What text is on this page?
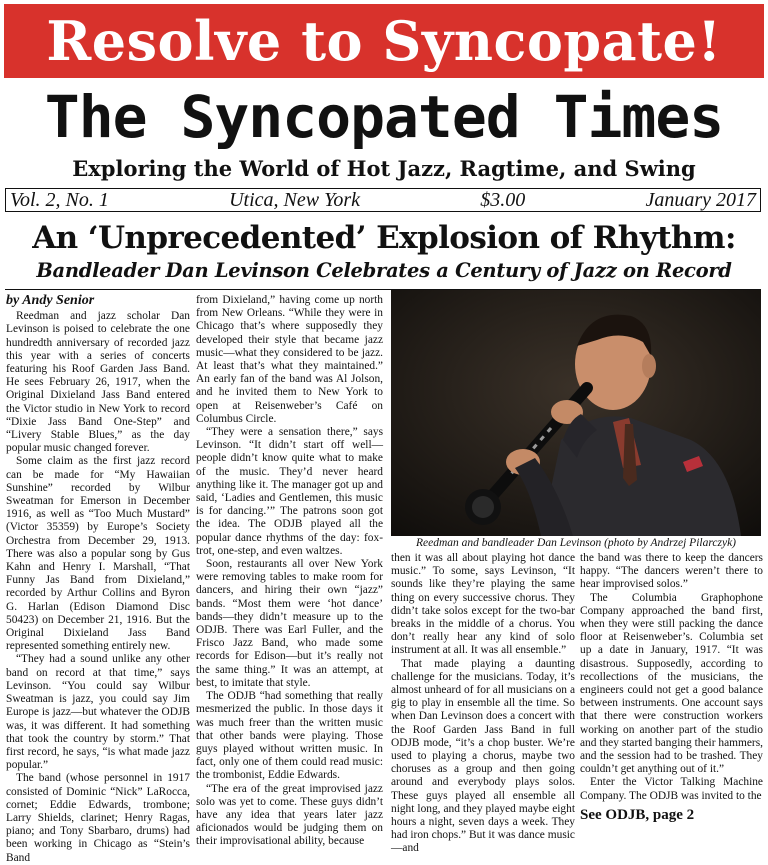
Resolve to Syncopate!
The Syncopated Times
Exploring the World of Hot Jazz, Ragtime, and Swing
Vol. 2, No. 1	Utica, New York	$3.00	January 2017
An ‘Unprecedented’ Explosion of Rhythm:
Bandleader Dan Levinson Celebrates a Century of Jazz on Record

by Andy Senior

Reedman and jazz scholar Dan Levinson is poised to celebrate the one hundredth anniversary of recorded jazz this year with a series of concerts featuring his Roof Garden Jass Band. He sees February 26, 1917, when the Original Dixieland Jass Band entered the Victor studio in New York to record “Dixie Jass Band One-Step” and “Livery Stable Blues,” as the day popular music changed forever.

Some claim as the first jazz record can be made for “My Hawaiian Sunshine” recorded by Wilbur Sweatman for Emerson in December 1916, as well as “Too Much Mustard” (Victor 35359) by Europe’s Society Orchestra from December 29, 1913. There was also a popular song by Gus Kahn and Henry I. Marshall, “That Funny Jas Band from Dixieland,” recorded by Arthur Collins and Byron G. Harlan (Edison Diamond Disc 50423) on December 21, 1916. But the Original Dixieland Jass Band represented something entirely new.

“They had a sound unlike any other band on record at that time,” says Levinson. “You could say Wilbur Sweatman is jazz, you could say Jim Europe is jazz—but whatever the ODJB was, it was different. It had something that took the country by storm.” That first record, he says, “is what made jazz popular.”

The band (whose personnel in 1917 consisted of Dominic “Nick” LaRocca, cornet; Eddie Edwards, trombone; Larry Shields, clarinet; Henry Ragas, piano; and Tony Sbarbaro, drums) had been working in Chicago as “Stein’s Band

from Dixieland,” having come up north from New Orleans. “While they were in Chicago that’s where supposedly they developed their style that became jazz music—what they considered to be jazz. At least that’s what they maintained.” An early fan of the band was Al Jolson, and he invited them to New York to open at Reisenweber’s Café on Columbus Circle.

“They were a sensation there,” says Levinson. “It didn’t start off well—people didn’t know quite what to make of the music. They’d never heard anything like it. The manager got up and said, ‘Ladies and Gentlemen, this music is for dancing.’” The patrons soon got the idea. The ODJB played all the popular dance rhythms of the day: fox-trot, one-step, and even waltzes.

Soon, restaurants all over New York were removing tables to make room for dancers, and hiring their own “jazz” bands. “Most them were ‘hot dance’ bands—they didn’t measure up to the ODJB. There was Earl Fuller, and the Frisco Jazz Band, who made some records for Edison—but it’s really not the same thing.” It was an attempt, at best, to imitate that style.

The ODJB “had something that really mesmerized the public. In those days it was much freer than the written music that other bands were playing. Those guys played without written music. In fact, only one of them could read music: the trombonist, Eddie Edwards.

“The era of the great improvised jazz solo was yet to come. These guys didn’t have any idea that years later jazz aficionados would be judging them on their improvisational ability, because

Reedman and bandleader Dan Levinson (photo by Andrzej Pilarczyk)

then it was all about playing hot dance music.” To some, says Levinson, “It sounds like they’re playing the same thing on every successive chorus. They didn’t take solos except for the two-bar breaks in the middle of a chorus. You don’t really hear any kind of solo instrument at all. It was all ensemble.”

That made playing a daunting challenge for the musicians. Today, it’s almost unheard of for all musicians on a gig to play in ensemble all the time. So when Dan Levinson does a concert with the Roof Garden Jass Band in full ODJB mode, “it’s a chop buster. We’re used to playing a chorus, maybe two choruses as a group and then going around and everybody plays solos. These guys played all ensemble all night long, and they played maybe eight hours a night, seven days a week. They had iron chops.” But it was dance music—and

the band was there to keep the dancers happy. “The dancers weren’t there to hear improvised solos.”

The Columbia Graphophone Company approached the band first, when they were still packing the dance floor at Reisenweber’s. Columbia set up a date in January, 1917. “It was disastrous. Supposedly, according to recollections of the musicians, the engineers could not get a good balance between instruments. One account says that there were construction workers working on another part of the studio and they started banging their hammers, and the session had to be trashed. They couldn’t get anything out of it.”

Enter the Victor Talking Machine Company. The ODJB was invited to the

See ODJB, page 2
